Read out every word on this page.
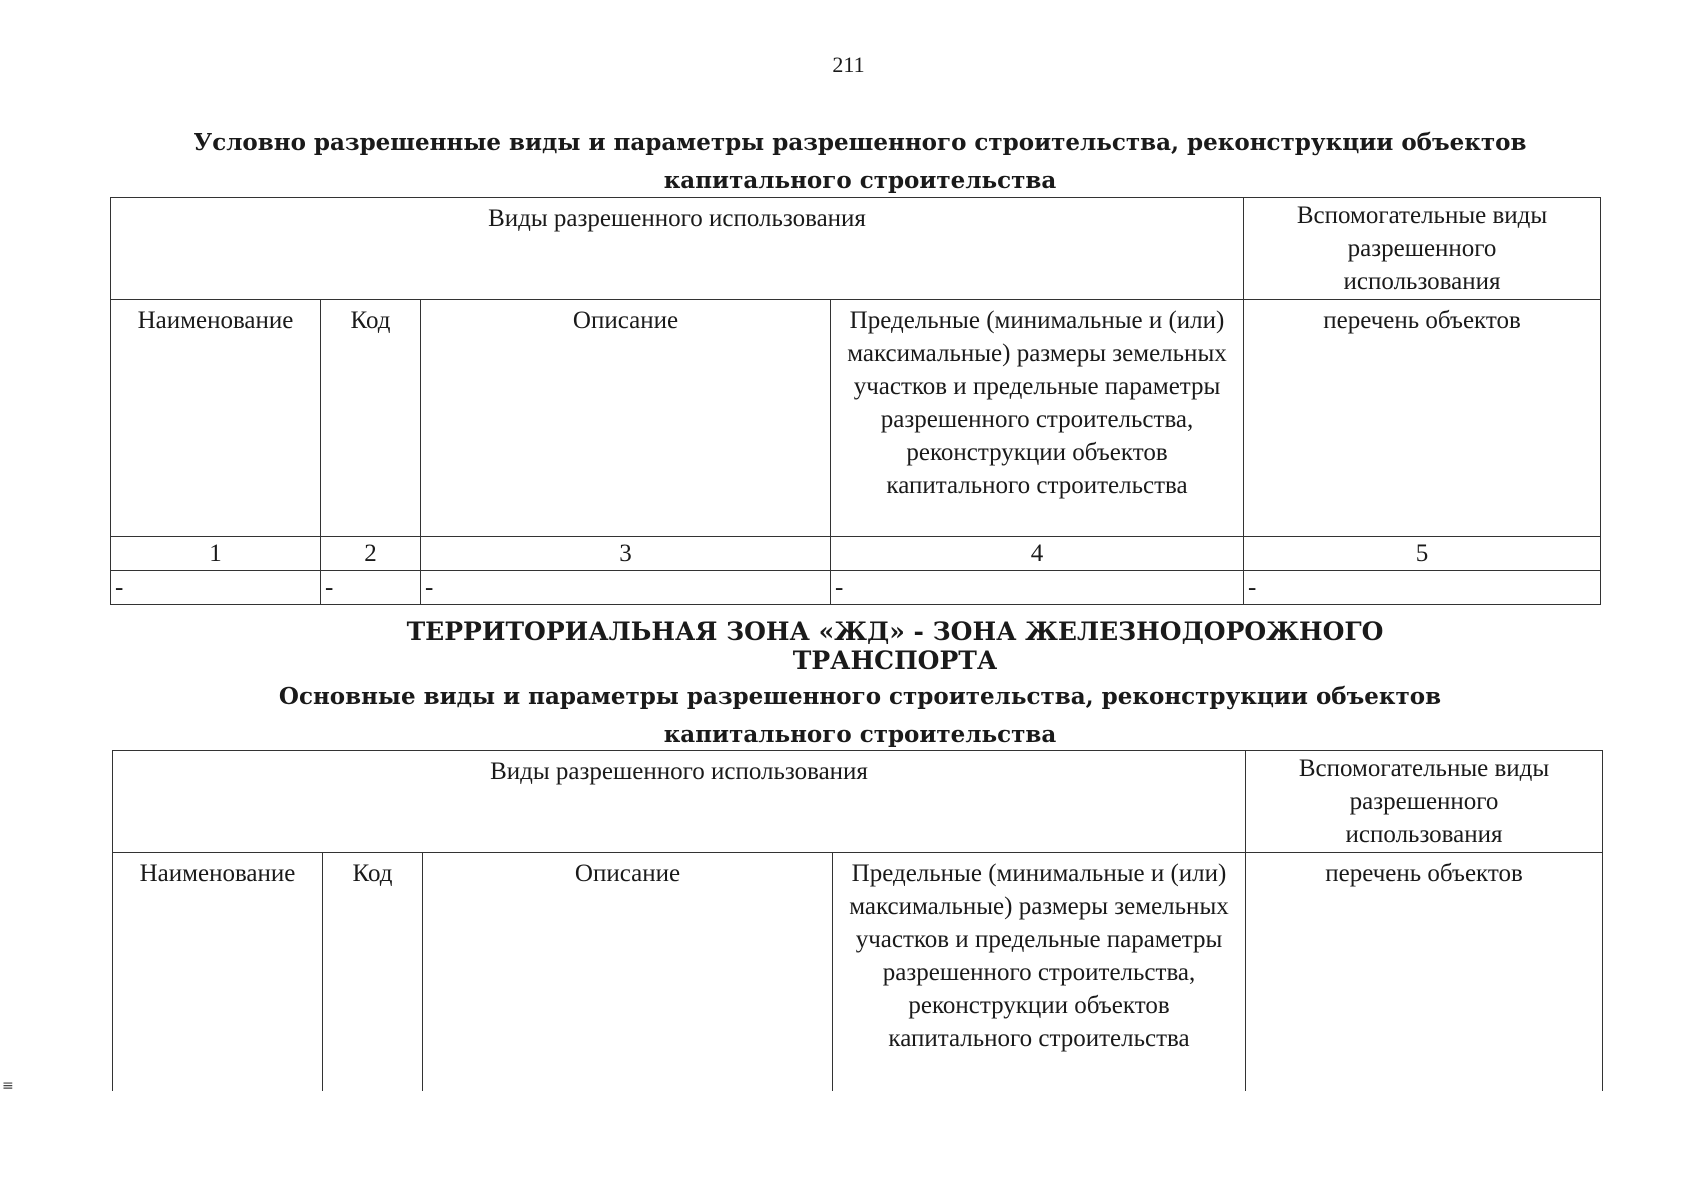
211
Условно разрешенные виды и параметры разрешенного строительства, реконструкции объектов капитального строительства
Виды разрешенного использования				Вспомогательные виды разрешенного использования
Наименование	Код	Описание	Предельные (минимальные и (или) максимальные) размеры земельных участков и предельные параметры разрешенного строительства, реконструкции объектов капитального строительства	перечень объектов
1	2	3	4	5
-	-	-	-	-
ТЕРРИТОРИАЛЬНАЯ ЗОНА «ЖД» - ЗОНА ЖЕЛЕЗНОДОРОЖНОГО ТРАНСПОРТА
Основные виды и параметры разрешенного строительства, реконструкции объектов капитального строительства
Виды разрешенного использования				Вспомогательные виды разрешенного использования
Наименование	Код	Описание	Предельные (минимальные и (или) максимальные) размеры земельных участков и предельные параметры разрешенного строительства, реконструкции объектов капитального строительства	перечень объектов
≡
